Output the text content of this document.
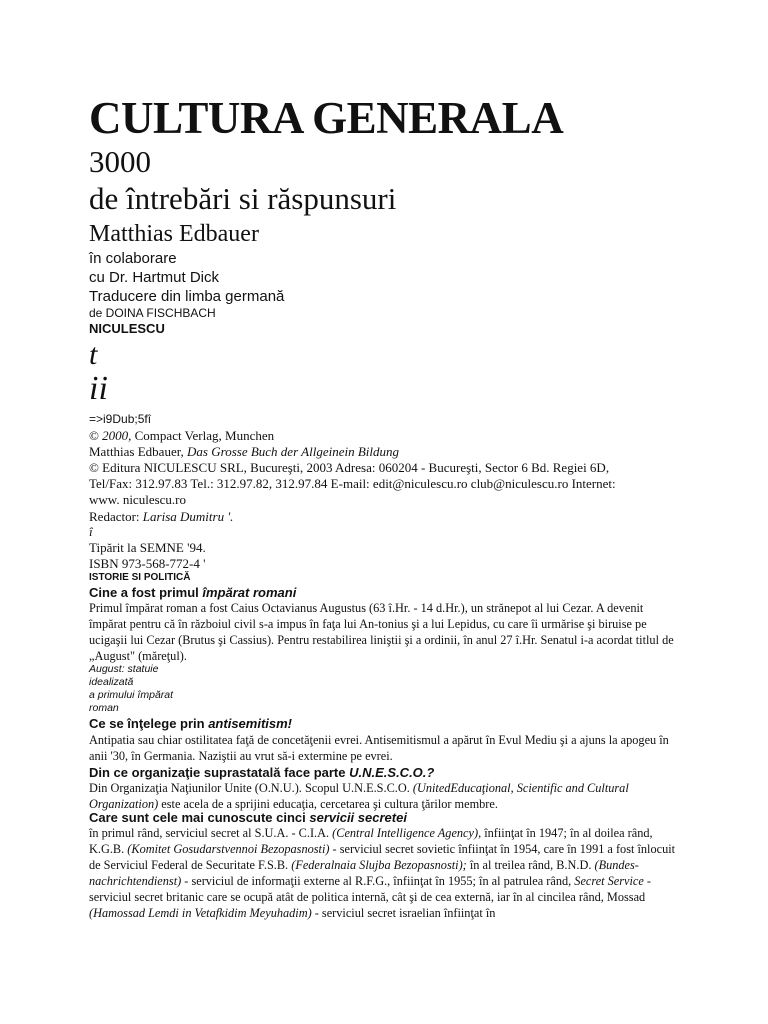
CULTURA GENERALA
3000
de întrebări si răspunsuri
Matthias Edbauer
în colaborare
cu Dr. Hartmut Dick
Traducere din limba germană
de DOINA FISCHBACH
NICULESCU
t
ii
=>i9Dub;5fî
© 2000, Compact Verlag, Munchen
Matthias Edbauer, Das Grosse Buch der Allgeinein Bildung
© Editura NICULESCU SRL, Bucureşti, 2003 Adresa: 060204 - Bucureşti, Sector 6 Bd. Regiei 6D,
Tel/Fax: 312.97.83 Tel.: 312.97.82, 312.97.84 E-mail: edit@niculescu.ro club@niculescu.ro Internet:
www. niculescu.ro
Redactor: Larisa Dumitru '.
î
Tipărit la SEMNE '94.
ISBN 973-568-772-4 '
ISTORIE SI POLITICĂ
Cine a fost primul împărat romani

Primul împărat roman a fost Caius Octavianus Augustus (63 î.Hr. - 14 d.Hr.), un strănepot al lui Cezar. A devenit împărat pentru că în războiul civil s-a impus în faţa lui An-tonius şi a lui Lepidus, cu care îi urmărise şi biruise pe ucigaşii lui Cezar (Brutus şi Cassius). Pentru restabilirea liniştii şi a ordinii, în anul 27 î.Hr. Senatul i-a acordat titlul de „August" (măreţul).

August: statuie
idealizată
a primului împărat
roman
Ce se înţelege prin antisemitism!

Antipatia sau chiar ostilitatea faţă de concetăţenii evrei. Antisemitismul a apărut în Evul Mediu şi a ajuns la apogeu în anii '30, în Germania. Naziştii au vrut să-i extermine pe evrei.

Din ce organizaţie suprastatală face parte U.N.E.S.C.O.?

Din Organizaţia Naţiunilor Unite (O.N.U.). Scopul U.N.E.S.C.O. (UnitedEducaţional, Scientific and Cultural Organization) este acela de a sprijini educaţia, cercetarea şi cultura ţărilor membre.

Care sunt cele mai cunoscute cinci servicii secretei

în primul rând, serviciul secret al S.U.A. - C.I.A. (Central Intelligence Agency), înfiinţat în 1947; în al doilea rând, K.G.B. (Komitet Gosudarstvennoi Bezopasnosti) - serviciul secret sovietic înfiinţat în 1954, care în 1991 a fost înlocuit de Serviciul Federal de Securitate F.S.B. (Federalnaia Slujba Bezopasnosti); în al treilea rând, B.N.D. (Bundes-nachrichtendienst) - serviciul de informaţii externe al R.F.G., înfiinţat în 1955; în al patrulea rând, Secret Service - serviciul secret britanic care se ocupă atât de politica internă, cât şi de cea externă, iar în al cincilea rând, Mossad (Hamossad Lemdi in Vetafkidim Meyuhadim) - serviciul secret israelian înfiinţat în
